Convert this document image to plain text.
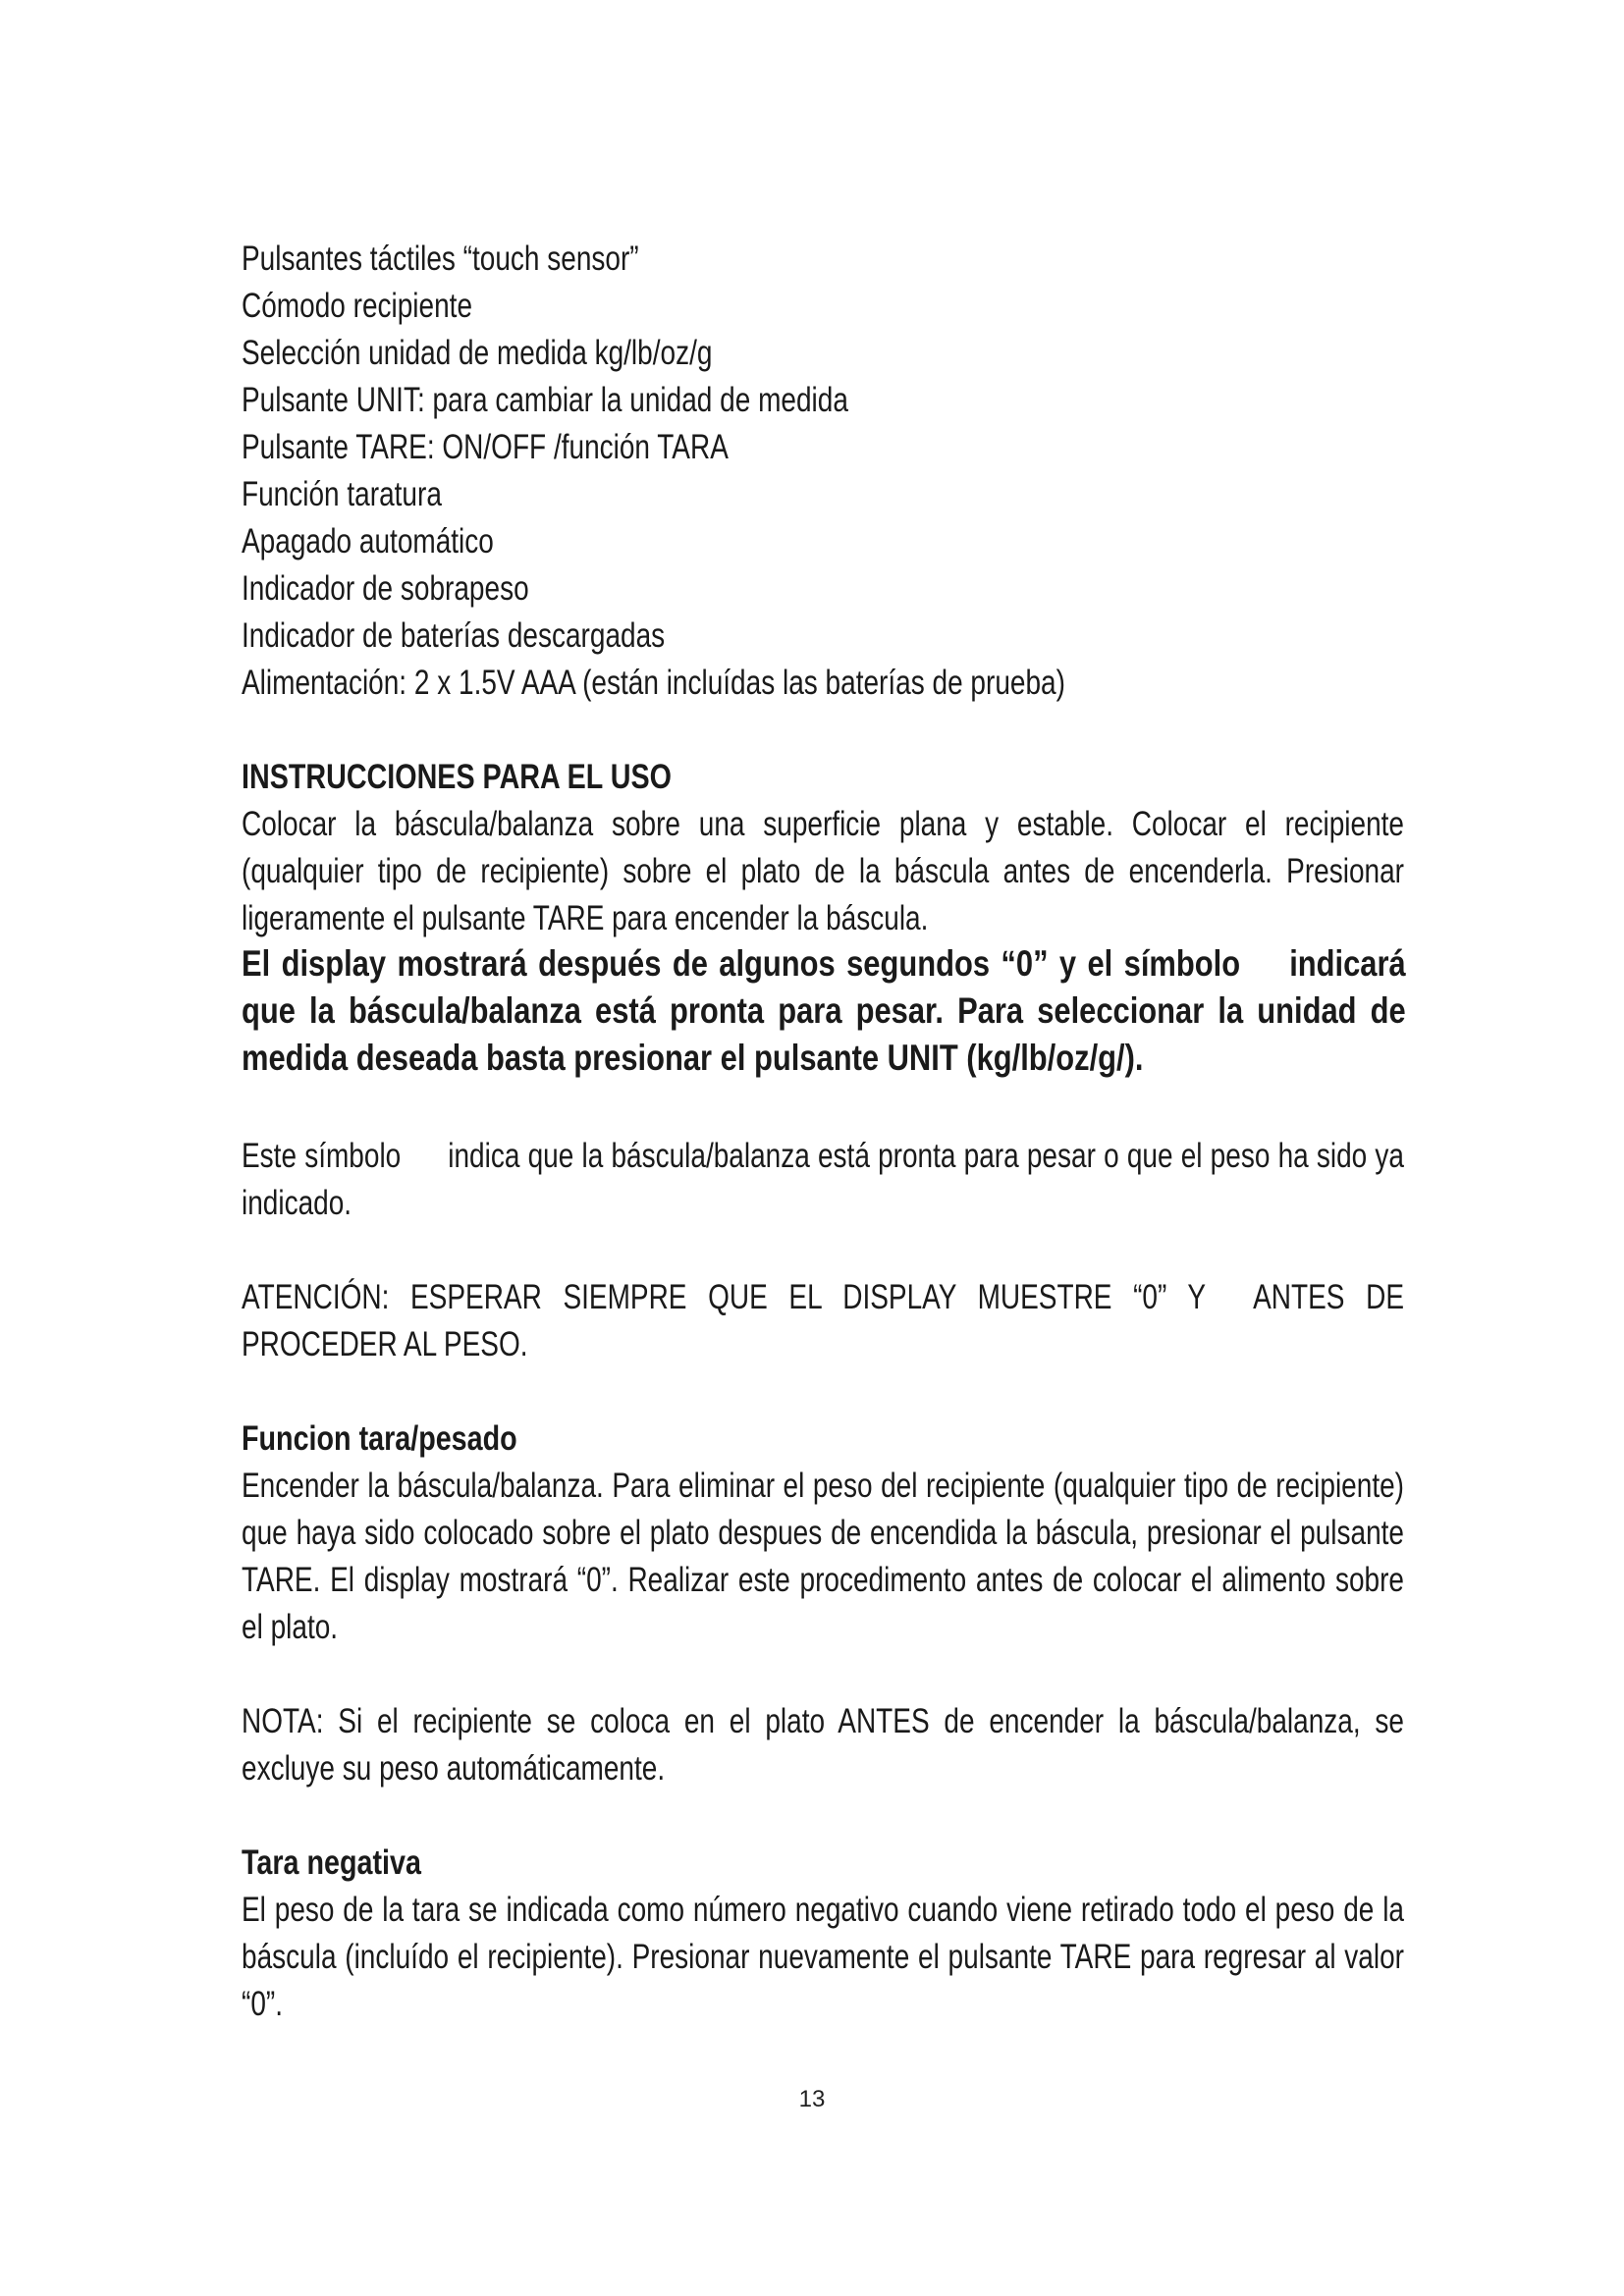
Pulsantes táctiles “touch sensor”
Cómodo recipiente
Selección unidad de medida kg/lb/oz/g
Pulsante UNIT: para cambiar la unidad de medida
Pulsante TARE: ON/OFF /función TARA
Función taratura
Apagado automático
Indicador de sobrapeso
Indicador de baterías descargadas
Alimentación: 2 x 1.5V AAA (están incluídas las baterías de prueba)
INSTRUCCIONES PARA EL USO

Colocar la báscula/balanza sobre una superficie plana y estable. Colocar el recipiente (qualquier tipo de recipiente) sobre el plato de la báscula antes de encenderla. Presionar ligeramente el pulsante TARE para encender la báscula.

El display mostrará después de algunos segundos “0” y el símbolo indicará que la báscula/balanza está pronta para pesar. Para seleccionar la unidad de medida deseada basta presionar el pulsante UNIT (kg/lb/oz/g/).

Este símbolo indica que la báscula/balanza está pronta para pesar o que el peso ha sido ya indicado.

ATENCIÓN: ESPERAR SIEMPRE QUE EL DISPLAY MUESTRE “0” Y ANTES DE PROCEDER AL PESO.

Funcion tara/pesado

Encender la báscula/balanza. Para eliminar el peso del recipiente (qualquier tipo de recipiente) que haya sido colocado sobre el plato despues de encendida la báscula, presionar el pulsante TARE. El display mostrará “0”. Realizar este procedimento antes de colocar el alimento sobre el plato.

NOTA: Si el recipiente se coloca en el plato ANTES de encender la báscula/balanza, se excluye su peso automáticamente.

Tara negativa

El peso de la tara se indicada como número negativo cuando viene retirado todo el peso de la báscula (incluído el recipiente). Presionar nuevamente el pulsante TARE para regresar al valor “0”.

13
